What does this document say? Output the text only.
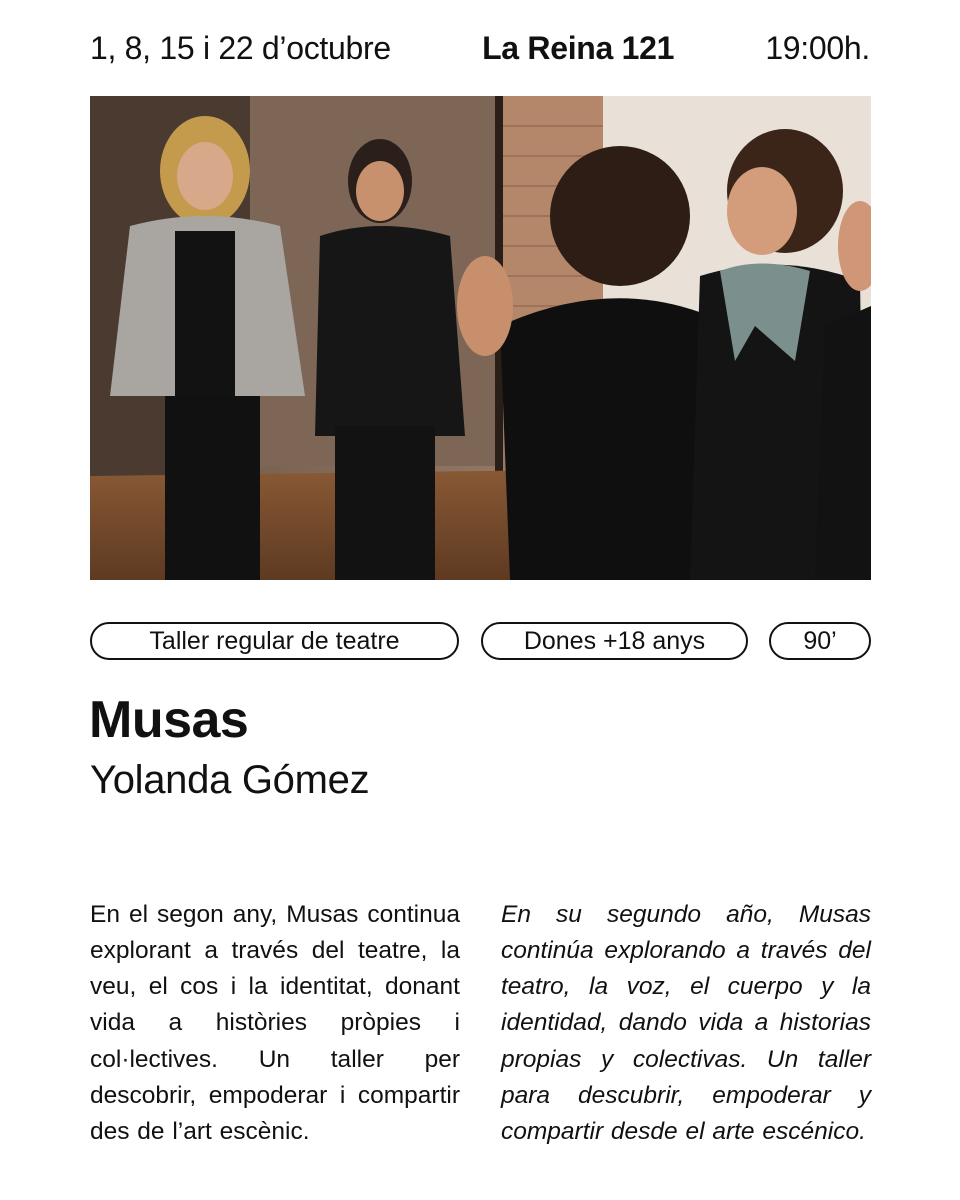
1, 8, 15 i 22 d’octubre	La Reina 121	19:00h.
Taller regular de teatre	Dones +18 anys	90’
Musas
Yolanda Gómez

En el segon any, Musas continua explorant a través del teatre, la veu, el cos i la identitat, donant vida a històries pròpies i col·lectives. Un taller per descobrir, empoderar i compartir des de l’art escènic.

En su segundo año, Musas continúa explorando a través del teatro, la voz, el cuerpo y la identidad, dando vida a historias propias y colectivas. Un taller para descubrir, empoderar y compartir desde el arte escénico.
